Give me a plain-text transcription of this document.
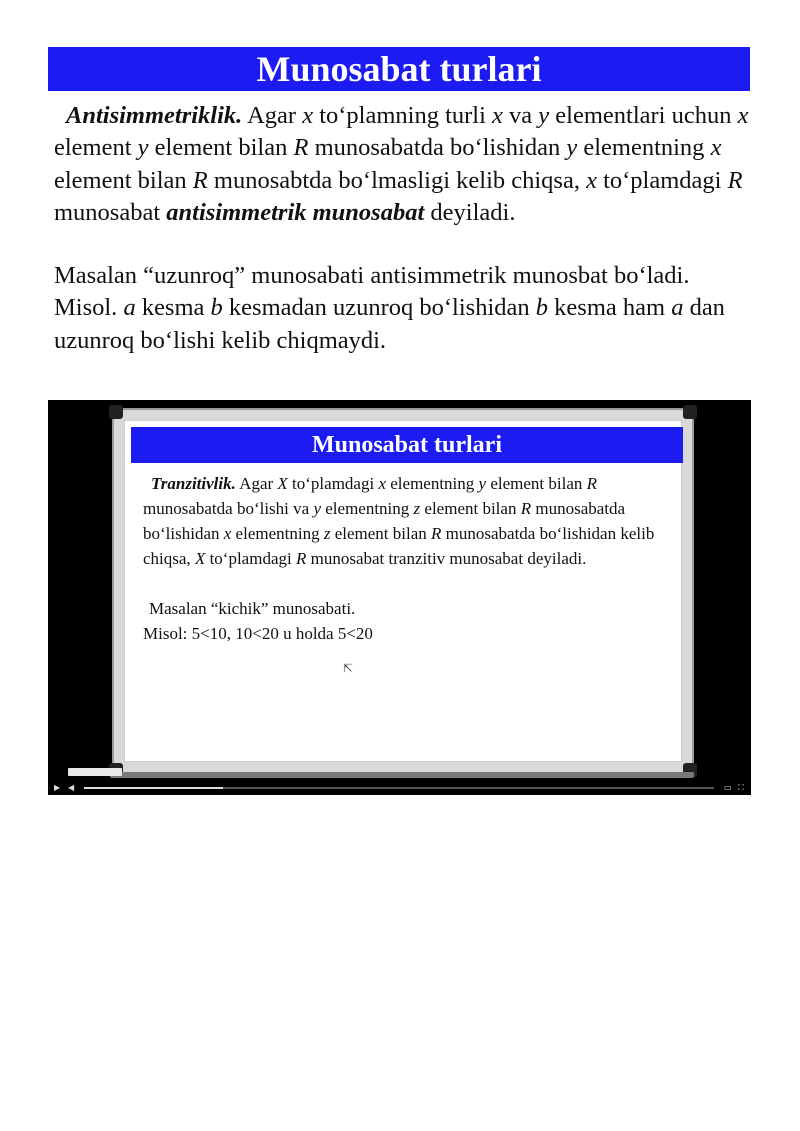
Munosabat turlari
Antisimmetriklik. Agar x to‘plamning turli x va y elementlari uchun x element y element bilan R munosabatda bo‘lishidan y elementning x element bilan R munosabtda bo‘lmasligi kelib chiqsa, x to‘plamdagi R munosabat antisimmetrik munosabat deyiladi.
Masalan “uzunroq” munosabati antisimmetrik munosbat bo‘ladi.
Misol. a kesma b kesmadan uzunroq bo‘lishidan b kesma ham a dan uzunroq bo‘lishi kelib chiqmaydi.
Munosabat turlari
Tranzitivlik. Agar X to‘plamdagi x elementning y element bilan R munosabatda bo‘lishi va y elementning z element bilan R munosabatda bo‘lishidan x elementning z element bilan R munosabatda bo‘lishidan kelib chiqsa, X to‘plamdagi R munosabat tranzitiv munosabat deyiladi.
Masalan “kichik” munosabati.
Misol: 5<10, 10<20 u holda 5<20
⇱
▶ ◀	▭ ⛶
